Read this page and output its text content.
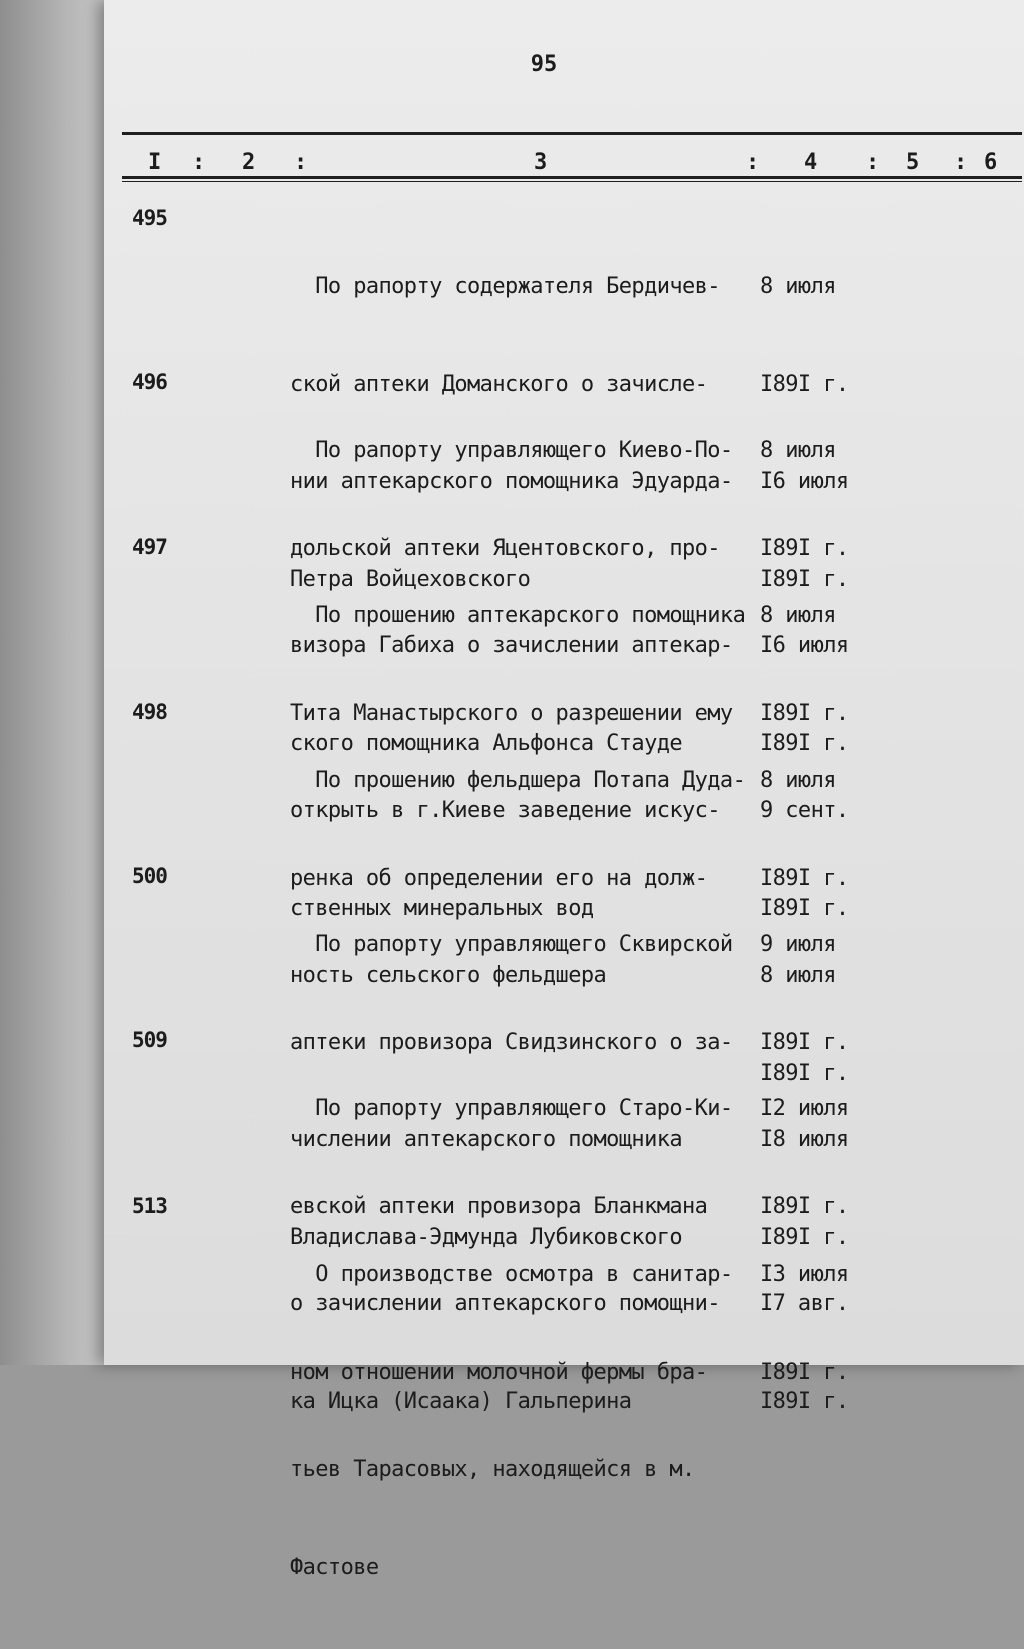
95
I : 2 :	3	: 4 : 5 : 6
495

По рапорту содержателя Бердичев-

ской аптеки Доманского о зачисле-

нии аптекарского помощника Эдуарда-

Петра Войцеховского

8 июля

I89I г.

I6 июля

I89I г.

496

По рапорту управляющего Киево-По-

дольской аптеки Яцентовского, про-

визора Габиха о зачислении аптекар-

ского помощника Альфонса Стауде

8 июля

I89I г.

I6 июля

I89I г.

497

По прошению аптекарского помощника

Тита Манастырского о разрешении ему

открыть в г.Киеве заведение искус-

ственных минеральных вод

8 июля

I89I г.

9 сент.

I89I г.

498

По прошению фельдшера Потапа Дуда-

ренка об определении его на долж-

ность сельского фельдшера

8 июля

I89I г.

8 июля

I89I г.

500

По рапорту управляющего Сквирской

аптеки провизора Свидзинского о за-

числении аптекарского помощника

Владислава-Эдмунда Лубиковского

9 июля

I89I г.

I8 июля

I89I г.

509

По рапорту управляющего Старо-Ки-

евской аптеки провизора Бланкмана

о зачислении аптекарского помощни-

ка Ицка (Исаака) Гальперина

I2 июля

I89I г.

I7 авг.

I89I г.

513

О производстве осмотра в санитар-

ном отношении молочной фермы бра-

тьев Тарасовых, находящейся в м.

Фастове

I3 июля

I89I г.
